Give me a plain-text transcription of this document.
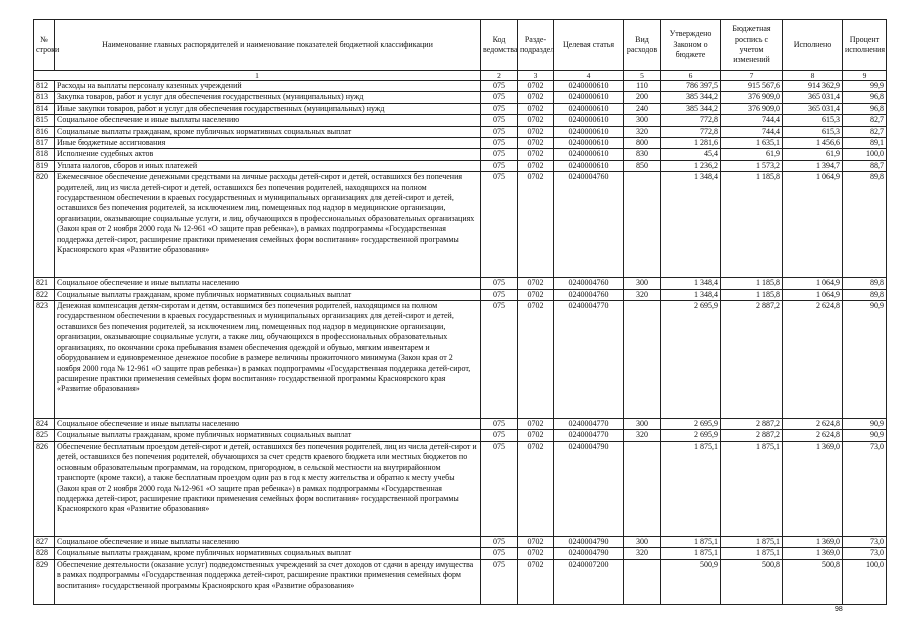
№ строки	Наименование главных распорядителей и наименование показателей бюджетной классификации	Код ведомства	Разде- подраздел	Целевая статья	Вид расходов	Утверждено Законом о бюджете	Бюджетная роспись с учетом изменений	Исполнено	Процент исполнения
1		2	3	4	5	6	7	8	9
812	Расходы на выплаты персоналу казенных учреждений	075	0702	0240000610	110	786 397,5	915 567,6	914 362,9	99,9
813	Закупка товаров, работ и услуг для обеспечения государственных (муниципальных) нужд	075	0702	0240000610	200	385 344,2	376 909,0	365 031,4	96,8
814	Иные закупки товаров, работ и услуг для обеспечения государственных (муниципальных) нужд	075	0702	0240000610	240	385 344,2	376 909,0	365 031,4	96,8
815	Социальное обеспечение и иные выплаты населению	075	0702	0240000610	300	772,8	744,4	615,3	82,7
816	Социальные выплаты гражданам, кроме публичных нормативных социальных выплат	075	0702	0240000610	320	772,8	744,4	615,3	82,7
817	Иные бюджетные ассигнования	075	0702	0240000610	800	1 281,6	1 635,1	1 456,6	89,1
818	Исполнение судебных актов	075	0702	0240000610	830	45,4	61,9	61,9	100,0
819	Уплата налогов, сборов и иных платежей	075	0702	0240000610	850	1 236,2	1 573,2	1 394,7	88,7
820	Ежемесячное обеспечение денежными средствами на личные расходы детей-сирот и детей, оставшихся без попечения родителей, лиц из числа детей-сирот и детей, оставшихся без попечения родителей, находящихся на полном государственном обеспечении в краевых государственных и муниципальных организациях для детей-сирот и детей, оставшихся без попечения родителей, за исключением лиц, помещенных под надзор в медицинские организации, организации, оказывающие социальные услуги, и лиц, обучающихся в профессиональных образовательных организациях (Закон края от 2 ноября 2000 года № 12-961 «О защите прав ребенка»), в рамках подпрограммы «Государственная поддержка детей-сирот, расширение практики применения семейных форм воспитания» государственной программы Красноярского края «Развитие образования»	075	0702	0240004760		1 348,4	1 185,8	1 064,9	89,8
821	Социальное обеспечение и иные выплаты населению	075	0702	0240004760	300	1 348,4	1 185,8	1 064,9	89,8
822	Социальные выплаты гражданам, кроме публичных нормативных социальных выплат	075	0702	0240004760	320	1 348,4	1 185,8	1 064,9	89,8
823	Денежная компенсация детям-сиротам и детям, оставшимся без попечения родителей, находящимся на полном государственном обеспечении в краевых государственных и муниципальных организациях для детей-сирот и детей, оставшихся без попечения родителей, за исключением лиц, помещенных под надзор в медицинские организации, организации, оказывающие социальные услуги, а также лиц, обучающихся в профессиональных образовательных организациях, по окончании срока пребывания взамен обеспечения одеждой и обувью, мягким инвентарем и оборудованием и единовременное денежное пособие в размере величины прожиточного минимума (Закон края от 2 ноября 2000 года № 12-961 «О защите прав ребенка») в рамках подпрограммы «Государственная поддержка детей-сирот, расширение практики применения семейных форм воспитания» государственной программы Красноярского края «Развитие образования»	075	0702	0240004770		2 695,9	2 887,2	2 624,8	90,9
824	Социальное обеспечение и иные выплаты населению	075	0702	0240004770	300	2 695,9	2 887,2	2 624,8	90,9
825	Социальные выплаты гражданам, кроме публичных нормативных социальных выплат	075	0702	0240004770	320	2 695,9	2 887,2	2 624,8	90,9
826	Обеспечение бесплатным проездом детей-сирот и детей, оставшихся без попечения родителей, лиц из числа детей-сирот и детей, оставшихся без попечения родителей, обучающихся за счет средств краевого бюджета или местных бюджетов по основным образовательным программам, на городском, пригородном, в сельской местности на внутрирайонном транспорте (кроме такси), а также бесплатным проездом один раз в год к месту жительства и обратно к месту учебы (Закон края от 2 ноября 2000 года №12-961 «О защите прав ребенка») в рамках подпрограммы «Государственная поддержка детей-сирот, расширение практики применения семейных форм воспитания» государственной программы Красноярского края «Развитие образования»	075	0702	0240004790		1 875,1	1 875,1	1 369,0	73,0
827	Социальное обеспечение и иные выплаты населению	075	0702	0240004790	300	1 875,1	1 875,1	1 369,0	73,0
828	Социальные выплаты гражданам, кроме публичных нормативных социальных выплат	075	0702	0240004790	320	1 875,1	1 875,1	1 369,0	73,0
829	Обеспечение деятельности (оказание услуг) подведомственных учреждений за счет доходов от сдачи в аренду имущества в рамках подпрограммы «Государственная поддержка детей-сирот, расширение практики применения семейных форм воспитания» государственной программы Красноярского края «Развитие образования»	075	0702	0240007200		500,9	500,8	500,8	100,0
98
